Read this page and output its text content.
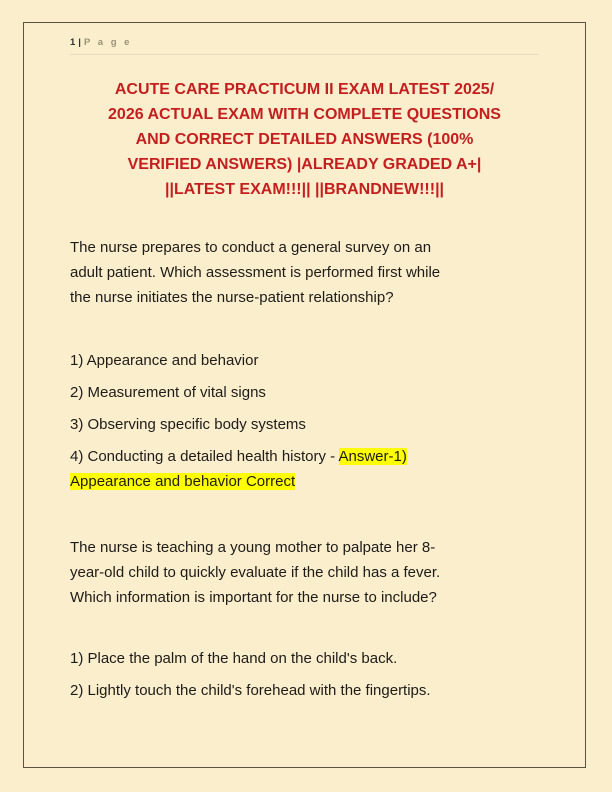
1 | P a g e
ACUTE CARE PRACTICUM II EXAM LATEST 2025/
2026 ACTUAL EXAM WITH COMPLETE QUESTIONS
AND CORRECT DETAILED ANSWERS (100%
VERIFIED ANSWERS) |ALREADY GRADED A+|
||LATEST EXAM!!!|| ||BRANDNEW!!!||
The nurse prepares to conduct a general survey on an
adult patient. Which assessment is performed first while
the nurse initiates the nurse-patient relationship?
1) Appearance and behavior
2) Measurement of vital signs
3) Observing specific body systems
4) Conducting a detailed health history - Answer-1)
Appearance and behavior Correct
The nurse is teaching a young mother to palpate her 8-
year-old child to quickly evaluate if the child has a fever.
Which information is important for the nurse to include?
1) Place the palm of the hand on the child's back.
2) Lightly touch the child's forehead with the fingertips.
